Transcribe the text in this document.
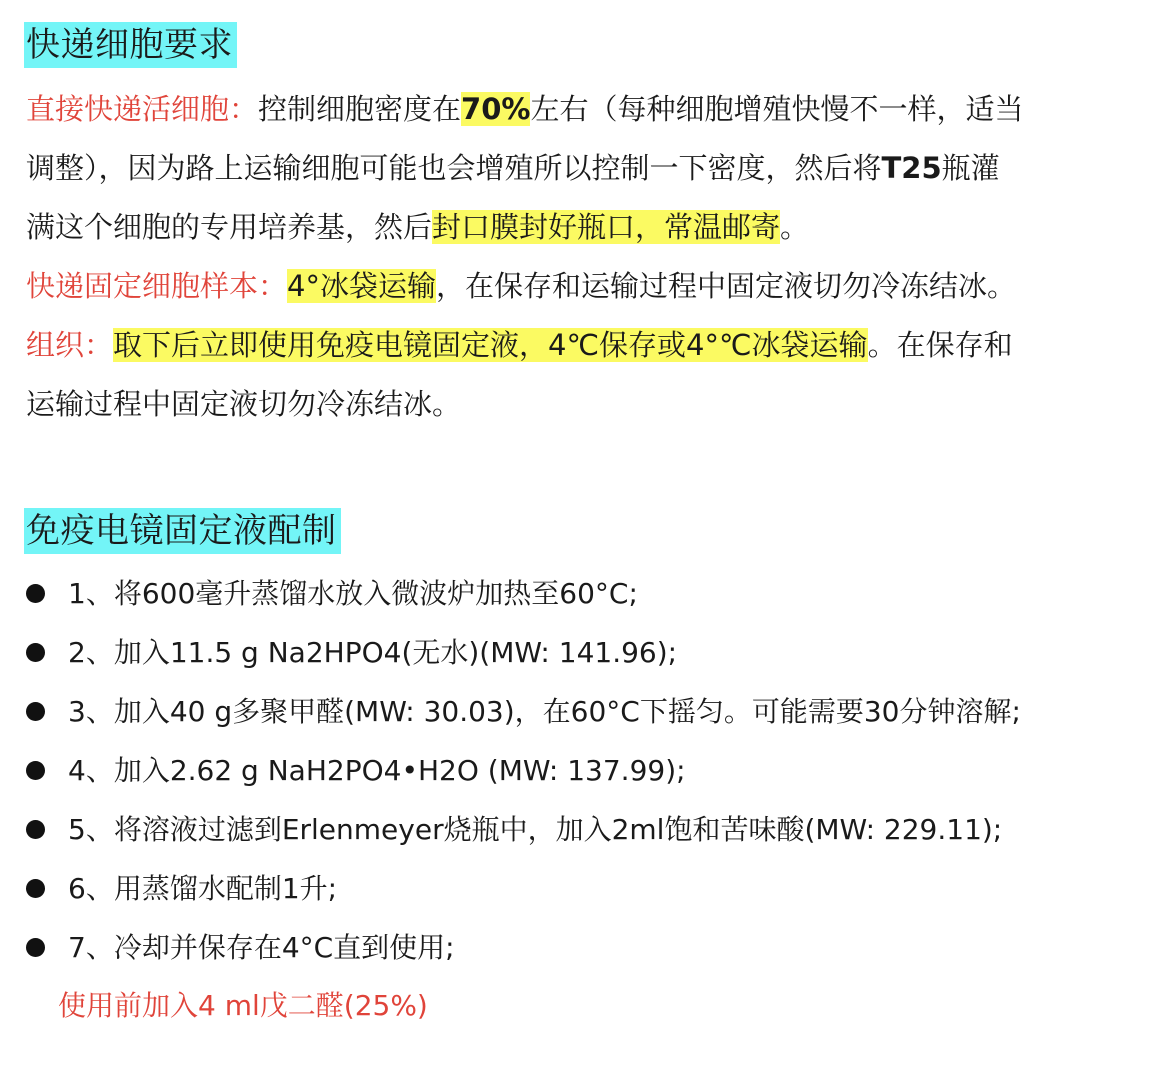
快递细胞要求
直接快递活细胞：控制细胞密度在70%左右（每种细胞增殖快慢不一样，适当
调整），因为路上运输细胞可能也会增殖所以控制一下密度，然后将T25瓶灌
满这个细胞的专用培养基，然后封口膜封好瓶口，常温邮寄。
快递固定细胞样本：4°冰袋运输，在保存和运输过程中固定液切勿冷冻结冰。
组织：取下后立即使用免疫电镜固定液，4℃保存或4°℃冰袋运输。在保存和
运输过程中固定液切勿冷冻结冰。
免疫电镜固定液配制
1、将600毫升蒸馏水放入微波炉加热至60°C;
2、加入11.5 g Na2HPO4(无水)(MW: 141.96);
3、加入40 g多聚甲醛(MW: 30.03)，在60°C下摇匀。可能需要30分钟溶解;
4、加入2.62 g NaH2PO4•H2O (MW: 137.99);
5、将溶液过滤到Erlenmeyer烧瓶中，加入2ml饱和苦味酸(MW: 229.11);
6、用蒸馏水配制1升;
7、冷却并保存在4°C直到使用;
使用前加入4 ml戊二醛(25%)
